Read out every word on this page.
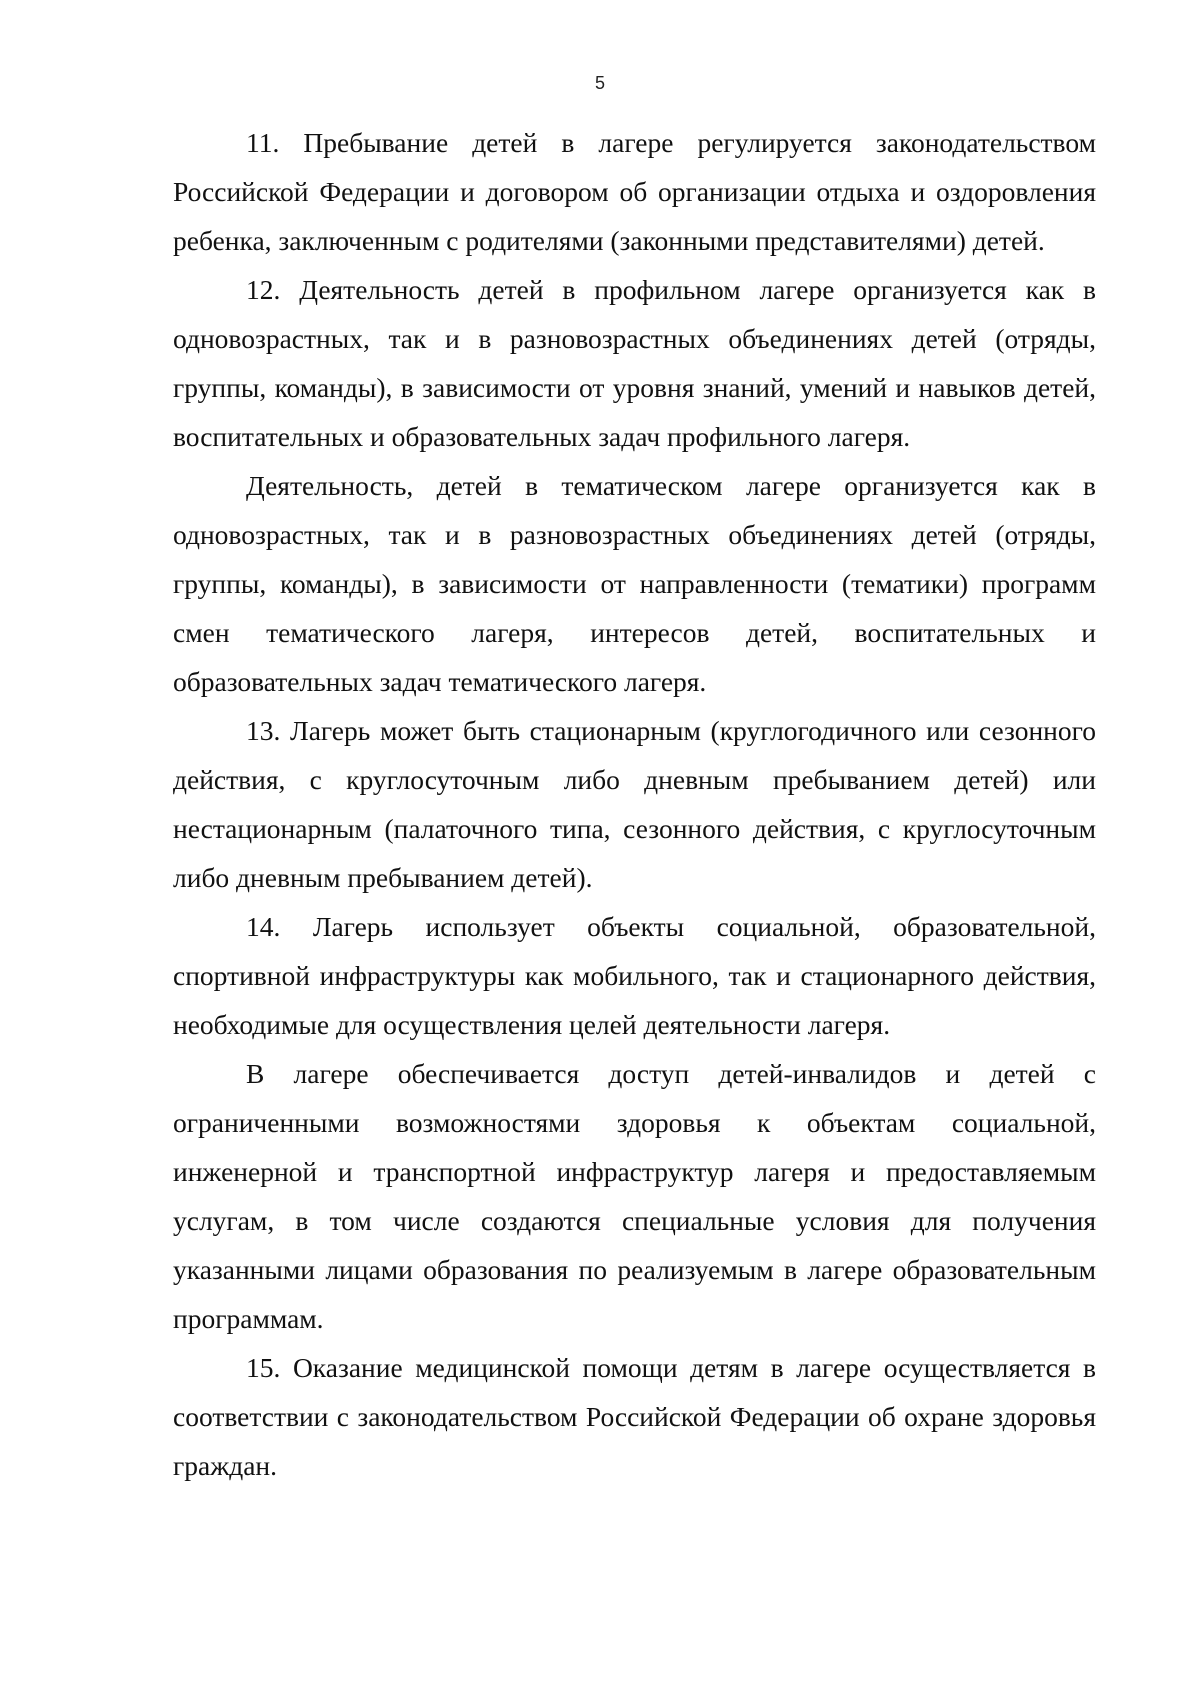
5

11. Пребывание детей в лагере регулируется законодательством Российской Федерации и договором об организации отдыха и оздоровления ребенка, заключенным с родителями (законными представителями) детей.

12. Деятельность детей в профильном лагере организуется как в одновозрастных, так и в разновозрастных объединениях детей (отряды, группы, команды), в зависимости от уровня знаний, умений и навыков детей, воспитательных и образовательных задач профильного лагеря.

Деятельность, детей в тематическом лагере организуется как в одновозрастных, так и в разновозрастных объединениях детей (отряды, группы, команды), в зависимости от направленности (тематики) программ смен тематического лагеря, интересов детей, воспитательных и образовательных задач тематического лагеря.

13. Лагерь может быть стационарным (круглогодичного или сезонного действия, с круглосуточным либо дневным пребыванием детей) или нестационарным (палаточного типа, сезонного действия, с круглосуточным либо дневным пребыванием детей).

14. Лагерь использует объекты социальной, образовательной, спортивной инфраструктуры как мобильного, так и стационарного действия, необходимые для осуществления целей деятельности лагеря.

В лагере обеспечивается доступ детей-инвалидов и детей с ограниченными возможностями здоровья к объектам социальной, инженерной и транспортной инфраструктур лагеря и предоставляемым услугам, в том числе создаются специальные условия для получения указанными лицами образования по реализуемым в лагере образовательным программам.

15. Оказание медицинской помощи детям в лагере осуществляется в соответствии с законодательством Российской Федерации об охране здоровья граждан.
